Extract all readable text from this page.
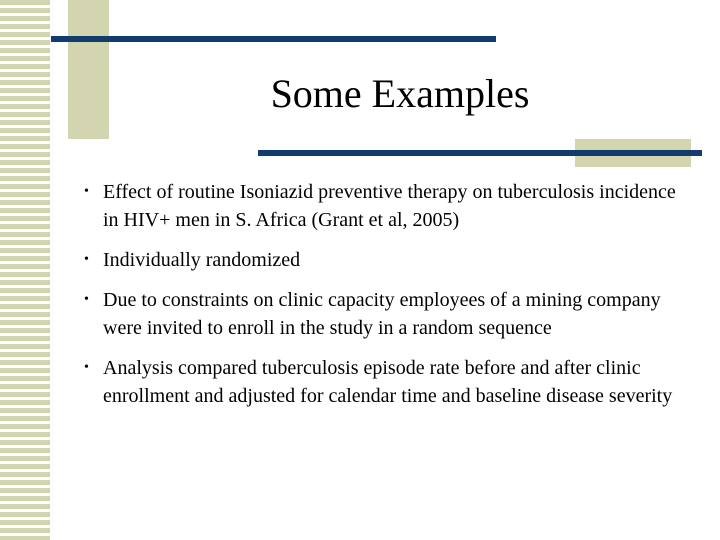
Some Examples
• Effect of routine Isoniazid preventive therapy on tuberculosis incidence in HIV+ men in S. Africa (Grant et al, 2005)
• Individually randomized
• Due to constraints on clinic capacity employees of a mining company were invited to enroll in the study in a random sequence
• Analysis compared tuberculosis episode rate before and after clinic enrollment and adjusted for calendar time and baseline disease severity
